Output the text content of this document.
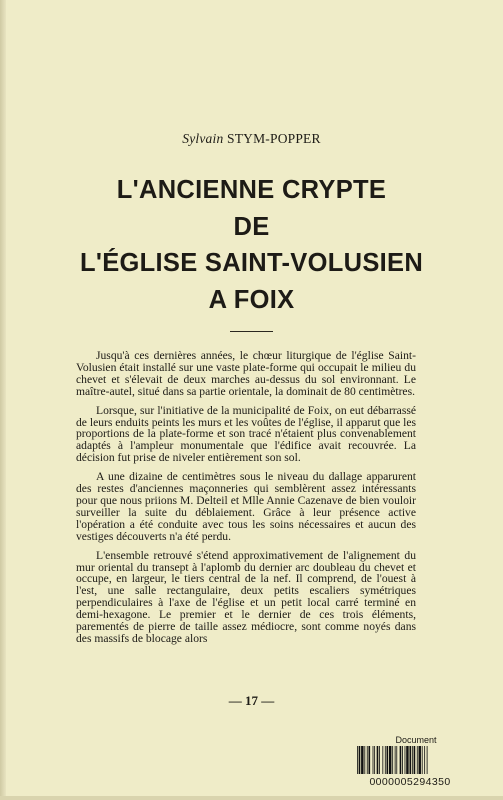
Sylvain STYM-POPPER
L'ANCIENNE CRYPTE
DE
L'ÉGLISE SAINT-VOLUSIEN
A FOIX

Jusqu'à ces dernières années, le chœur liturgique de l'église Saint-Volusien était installé sur une vaste plate-forme qui occupait le milieu du chevet et s'élevait de deux marches au-dessus du sol environnant. Le maître-autel, situé dans sa partie orientale, la dominait de 80 centimètres.

Lorsque, sur l'initiative de la municipalité de Foix, on eut débarrassé de leurs enduits peints les murs et les voûtes de l'église, il apparut que les proportions de la plate-forme et son tracé n'étaient plus convenablement adaptés à l'ampleur monumentale que l'édifice avait recouvrée. La décision fut prise de niveler entièrement son sol.

A une dizaine de centimètres sous le niveau du dallage apparurent des restes d'anciennes maçonneries qui semblèrent assez intéressants pour que nous priions M. Delteil et Mlle Annie Cazenave de bien vouloir surveiller la suite du déblaiement. Grâce à leur présence active l'opération a été conduite avec tous les soins nécessaires et aucun des vestiges découverts n'a été perdu.

L'ensemble retrouvé s'étend approximativement de l'alignement du mur oriental du transept à l'aplomb du dernier arc doubleau du chevet et occupe, en largeur, le tiers central de la nef. Il comprend, de l'ouest à l'est, une salle rectangulaire, deux petits escaliers symétriques perpendiculaires à l'axe de l'église et un petit local carré terminé en demi-hexagone. Le premier et le dernier de ces trois éléments, parementés de pierre de taille assez médiocre, sont comme noyés dans des massifs de blocage alors

— 17 —
Document
0000005294350
